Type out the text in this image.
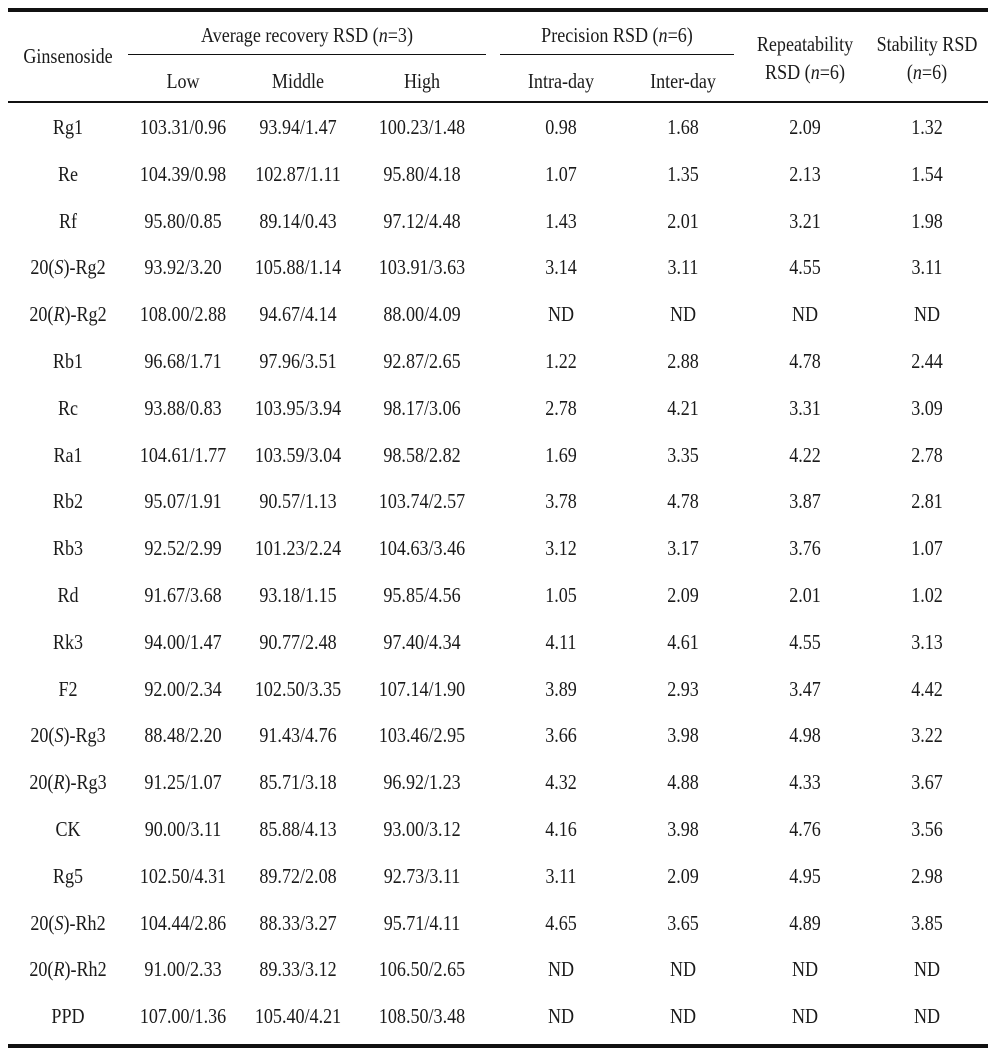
Ginsenoside
Average recovery RSD (n=3)
Low	Middle	High
Precision RSD (n=6)
Intra-day	Inter-day
Repeatability
RSD (n=6)
Stability RSD
(n=6)
Rg1	103.31/0.96	93.94/1.47	100.23/1.48	0.98	1.68	2.09	1.32
Re	104.39/0.98	102.87/1.11	95.80/4.18	1.07	1.35	2.13	1.54
Rf	95.80/0.85	89.14/0.43	97.12/4.48	1.43	2.01	3.21	1.98
20(S)-Rg2	93.92/3.20	105.88/1.14	103.91/3.63	3.14	3.11	4.55	3.11
20(R)-Rg2	108.00/2.88	94.67/4.14	88.00/4.09	ND	ND	ND	ND
Rb1	96.68/1.71	97.96/3.51	92.87/2.65	1.22	2.88	4.78	2.44
Rc	93.88/0.83	103.95/3.94	98.17/3.06	2.78	4.21	3.31	3.09
Ra1	104.61/1.77	103.59/3.04	98.58/2.82	1.69	3.35	4.22	2.78
Rb2	95.07/1.91	90.57/1.13	103.74/2.57	3.78	4.78	3.87	2.81
Rb3	92.52/2.99	101.23/2.24	104.63/3.46	3.12	3.17	3.76	1.07
Rd	91.67/3.68	93.18/1.15	95.85/4.56	1.05	2.09	2.01	1.02
Rk3	94.00/1.47	90.77/2.48	97.40/4.34	4.11	4.61	4.55	3.13
F2	92.00/2.34	102.50/3.35	107.14/1.90	3.89	2.93	3.47	4.42
20(S)-Rg3	88.48/2.20	91.43/4.76	103.46/2.95	3.66	3.98	4.98	3.22
20(R)-Rg3	91.25/1.07	85.71/3.18	96.92/1.23	4.32	4.88	4.33	3.67
CK	90.00/3.11	85.88/4.13	93.00/3.12	4.16	3.98	4.76	3.56
Rg5	102.50/4.31	89.72/2.08	92.73/3.11	3.11	2.09	4.95	2.98
20(S)-Rh2	104.44/2.86	88.33/3.27	95.71/4.11	4.65	3.65	4.89	3.85
20(R)-Rh2	91.00/2.33	89.33/3.12	106.50/2.65	ND	ND	ND	ND
PPD	107.00/1.36	105.40/4.21	108.50/3.48	ND	ND	ND	ND
